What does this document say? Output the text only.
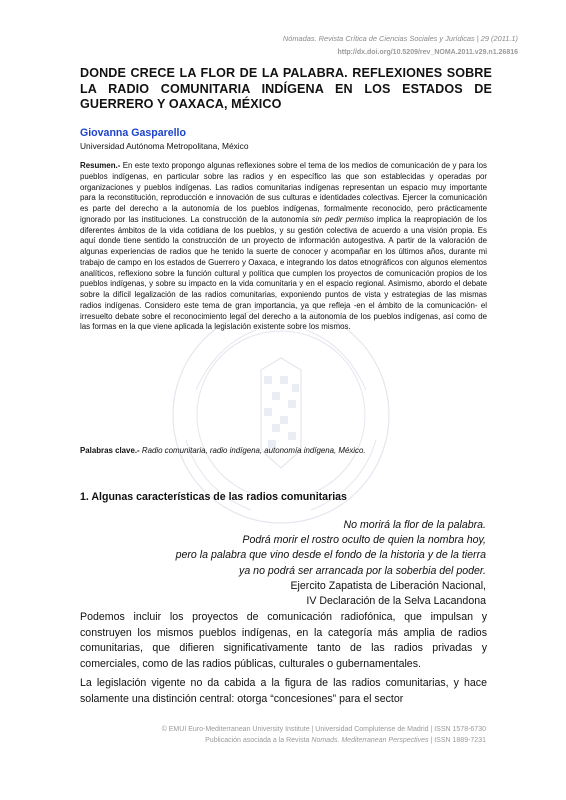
Nómadas. Revista Crítica de Ciencias Sociales y Jurídicas | 29 (2011.1)
http://dx.doi.org/10.5209/rev_NOMA.2011.v29.n1.26816
DONDE CRECE LA FLOR DE LA PALABRA. REFLEXIONES SOBRE LA RADIO COMUNITARIA INDÍGENA EN LOS ESTADOS DE GUERRERO Y OAXACA, MÉXICO
Giovanna Gasparello
Universidad Autónoma Metropolitana, México
Resumen.- En este texto propongo algunas reflexiones sobre el tema de los medios de comunicación de y para los pueblos indígenas, en particular sobre las radios y en específico las que son establecidas y operadas por organizaciones y pueblos indígenas. Las radios comunitarias indígenas representan un espacio muy importante para la reconstitución, reproducción e innovación de sus culturas e identidades colectivas. Ejercer la comunicación es parte del derecho a la autonomía de los pueblos indígenas, formalmente reconocido, pero prácticamente ignorado por las instituciones. La construcción de la autonomía sin pedir permiso implica la reapropiación de los diferentes ámbitos de la vida cotidiana de los pueblos, y su gestión colectiva de acuerdo a una visión propia. Es aquí donde tiene sentido la construcción de un proyecto de información autogestiva. A partir de la valoración de algunas experiencias de radios que he tenido la suerte de conocer y acompañar en los últimos años, durante mi trabajo de campo en los estados de Guerrero y Oaxaca, e integrando los datos etnográficos con algunos elementos analíticos, reflexiono sobre la función cultural y política que cumplen los proyectos de comunicación propios de los pueblos indígenas, y sobre su impacto en la vida comunitaria y en el espacio regional. Asimismo, abordo el debate sobre la difícil legalización de las radios comunitarias, exponiendo puntos de vista y estrategias de las mismas radios indígenas. Considero este tema de gran importancia, ya que refleja -en el ámbito de la comunicación- el irresuelto debate sobre el reconocimiento legal del derecho a la autonomía de los pueblos indígenas, así como de las formas en la que viene aplicada la legislación existente sobre los mismos.
Palabras clave.- Radio comunitaria, radio indígena, autonomía indígena, México.
1. Algunas características de las radios comunitarias
No morirá la flor de la palabra.
Podrá morir el rostro oculto de quien la nombra hoy,
pero la palabra que vino desde el fondo de la historia y de la tierra
ya no podrá ser arrancada por la soberbia del poder.
Ejercito Zapatista de Liberación Nacional,
IV Declaración de la Selva Lacandona
Podemos incluir los proyectos de comunicación radiofónica, que impulsan y construyen los mismos pueblos indígenas, en la categoría más amplia de radios comunitarias, que difieren significativamente tanto de las radios privadas y comerciales, como de las radios públicas, culturales o gubernamentales.
La legislación vigente no da cabida a la figura de las radios comunitarias, y hace solamente una distinción central: otorga “concesiones” para el sector
© EMUI Euro-Mediterranean University Institute | Universidad Complutense de Madrid | ISSN 1578-6730
Publicación asociada a la Revista Nomads. Mediterranean Perspectives | ISSN 1889-7231
